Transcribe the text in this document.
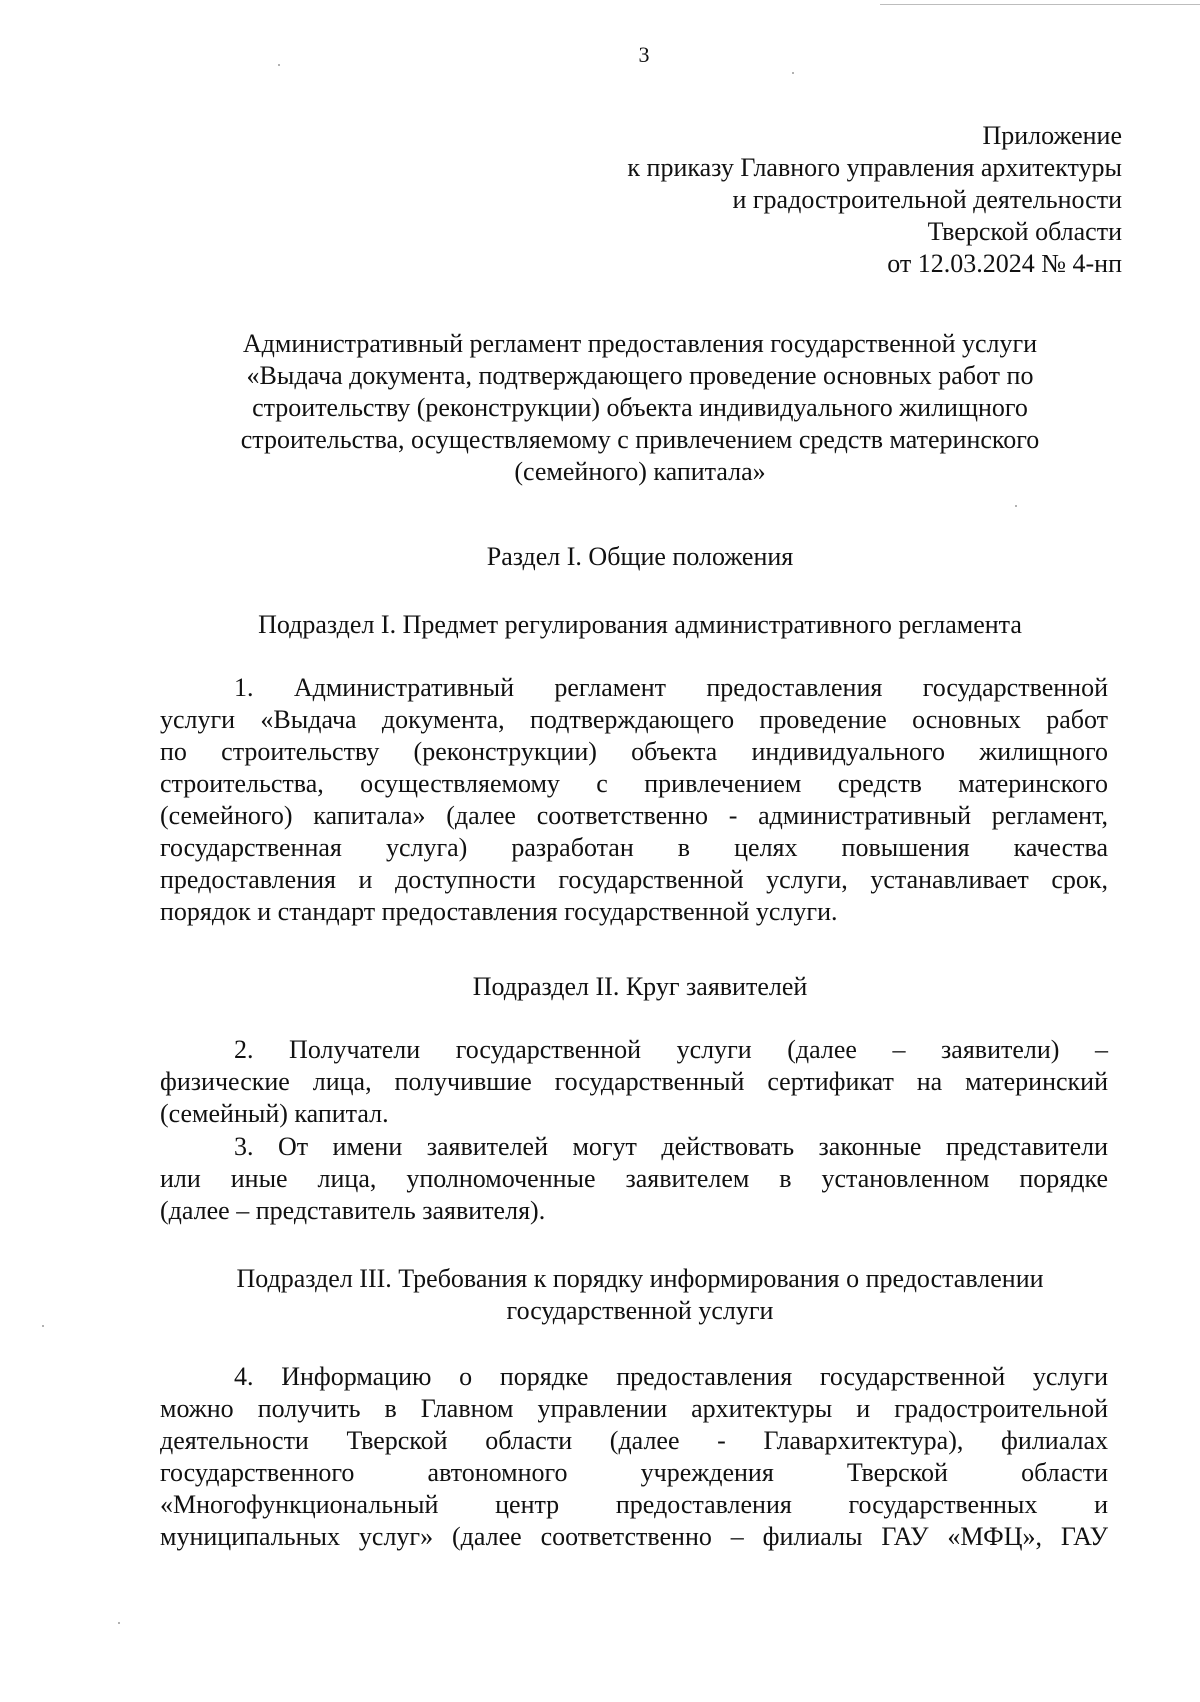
3
Приложение
к приказу Главного управления архитектуры
и градостроительной деятельности
Тверской области
от 12.03.2024 № 4-нп
Административный регламент предоставления государственной услуги
«Выдача документа, подтверждающего проведение основных работ по
строительству (реконструкции) объекта индивидуального жилищного
строительства, осуществляемому с привлечением средств материнского
(семейного) капитала»
Раздел I. Общие положения
Подраздел I. Предмет регулирования административного регламента
1. Административный регламент предоставления государственной
услуги «Выдача документа, подтверждающего проведение основных работ
по строительству (реконструкции) объекта индивидуального жилищного
строительства, осуществляемому с привлечением средств материнского
(семейного) капитала» (далее соответственно - административный регламент,
государственная услуга) разработан в целях повышения качества
предоставления и доступности государственной услуги, устанавливает срок,
порядок и стандарт предоставления государственной услуги.
Подраздел II. Круг заявителей
2. Получатели государственной услуги (далее – заявители) –
физические лица, получившие государственный сертификат на материнский
(семейный) капитал.
3. От имени заявителей могут действовать законные представители
или иные лица, уполномоченные заявителем в установленном порядке
(далее – представитель заявителя).
Подраздел III. Требования к порядку информирования о предоставлении
государственной услуги
4. Информацию о порядке предоставления государственной услуги
можно получить в Главном управлении архитектуры и градостроительной
деятельности Тверской области (далее - Главархитектура), филиалах
государственного автономного учреждения Тверской области
«Многофункциональный центр предоставления государственных и
муниципальных услуг» (далее соответственно – филиалы ГАУ «МФЦ», ГАУ
